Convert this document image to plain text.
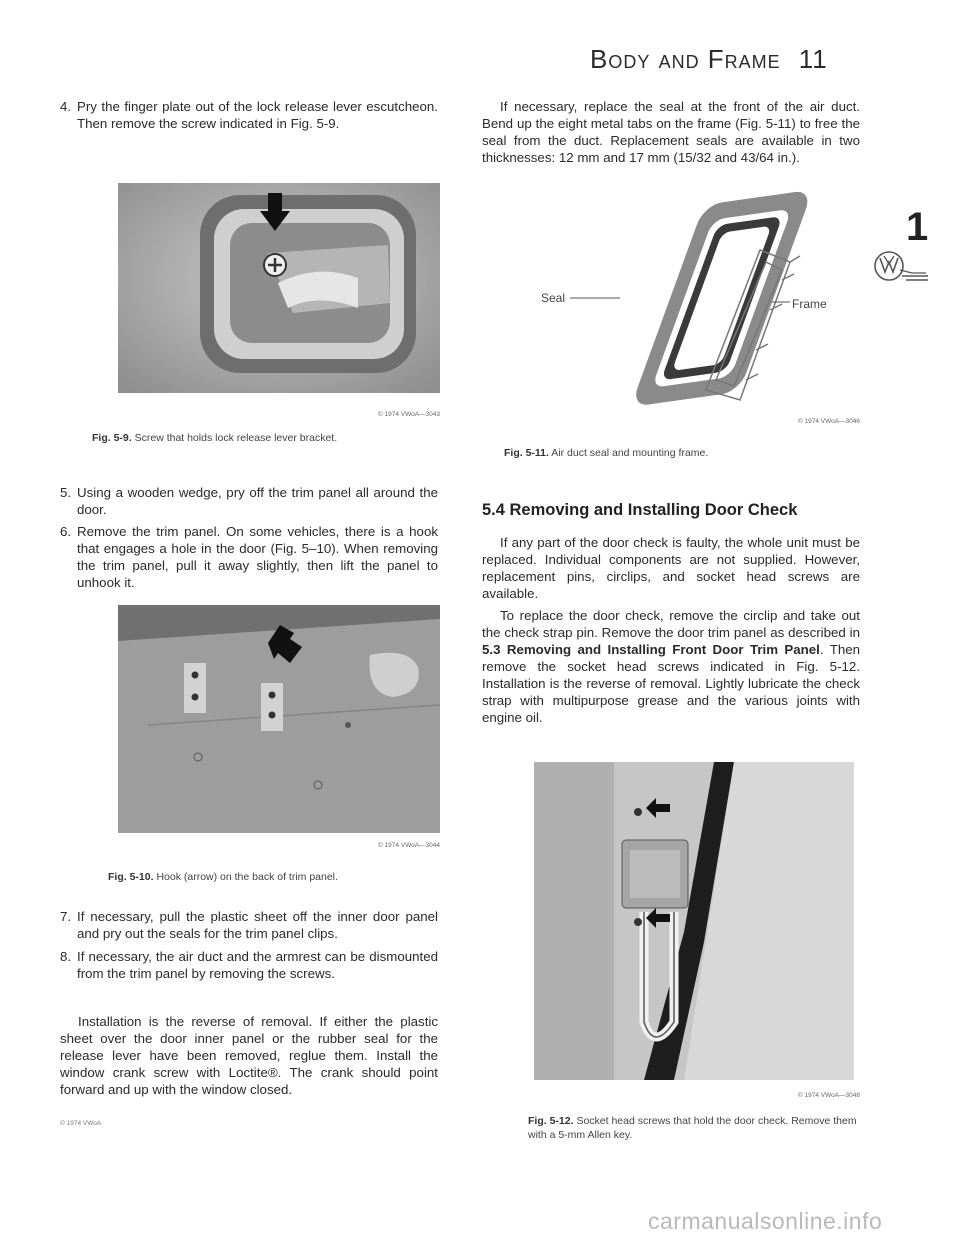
Body and Frame 11
1
4. Pry the finger plate out of the lock release lever escutcheon. Then remove the screw indicated in Fig. 5-9.
© 1974 VWoA—3043
Fig. 5-9. Screw that holds lock release lever bracket.
5. Using a wooden wedge, pry off the trim panel all around the door.
6. Remove the trim panel. On some vehicles, there is a hook that engages a hole in the door (Fig. 5–10). When removing the trim panel, pull it away slightly, then lift the panel to unhook it.
© 1974 VWoA—3044
Fig. 5-10. Hook (arrow) on the back of trim panel.
7. If necessary, pull the plastic sheet off the inner door panel and pry out the seals for the trim panel clips.
8. If necessary, the air duct and the armrest can be dismounted from the trim panel by removing the screws.

Installation is the reverse of removal. If either the plastic sheet over the door inner panel or the rubber seal for the release lever have been removed, reglue them. Install the window crank screw with Loctite®. The crank should point forward and up with the window closed.

© 1974 VWoA

If necessary, replace the seal at the front of the air duct. Bend up the eight metal tabs on the frame (Fig. 5-11) to free the seal from the duct. Replacement seals are available in two thicknesses: 12 mm and 17 mm (15/32 and 43/64 in.).

Seal	Frame
© 1974 VWoA—3046
Fig. 5-11. Air duct seal and mounting frame.
5.4 Removing and Installing Door Check

If any part of the door check is faulty, the whole unit must be replaced. Individual components are not supplied. However, replacement pins, circlips, and socket head screws are available.

To replace the door check, remove the circlip and take out the check strap pin. Remove the door trim panel as described in 5.3 Removing and Installing Front Door Trim Panel. Then remove the socket head screws indicated in Fig. 5-12. Installation is the reverse of removal. Lightly lubricate the check strap with multipurpose grease and the various joints with engine oil.

© 1974 VWoA—3048
Fig. 5-12. Socket head screws that hold the door check. Remove them with a 5-mm Allen key.
carmanualsonline.info
